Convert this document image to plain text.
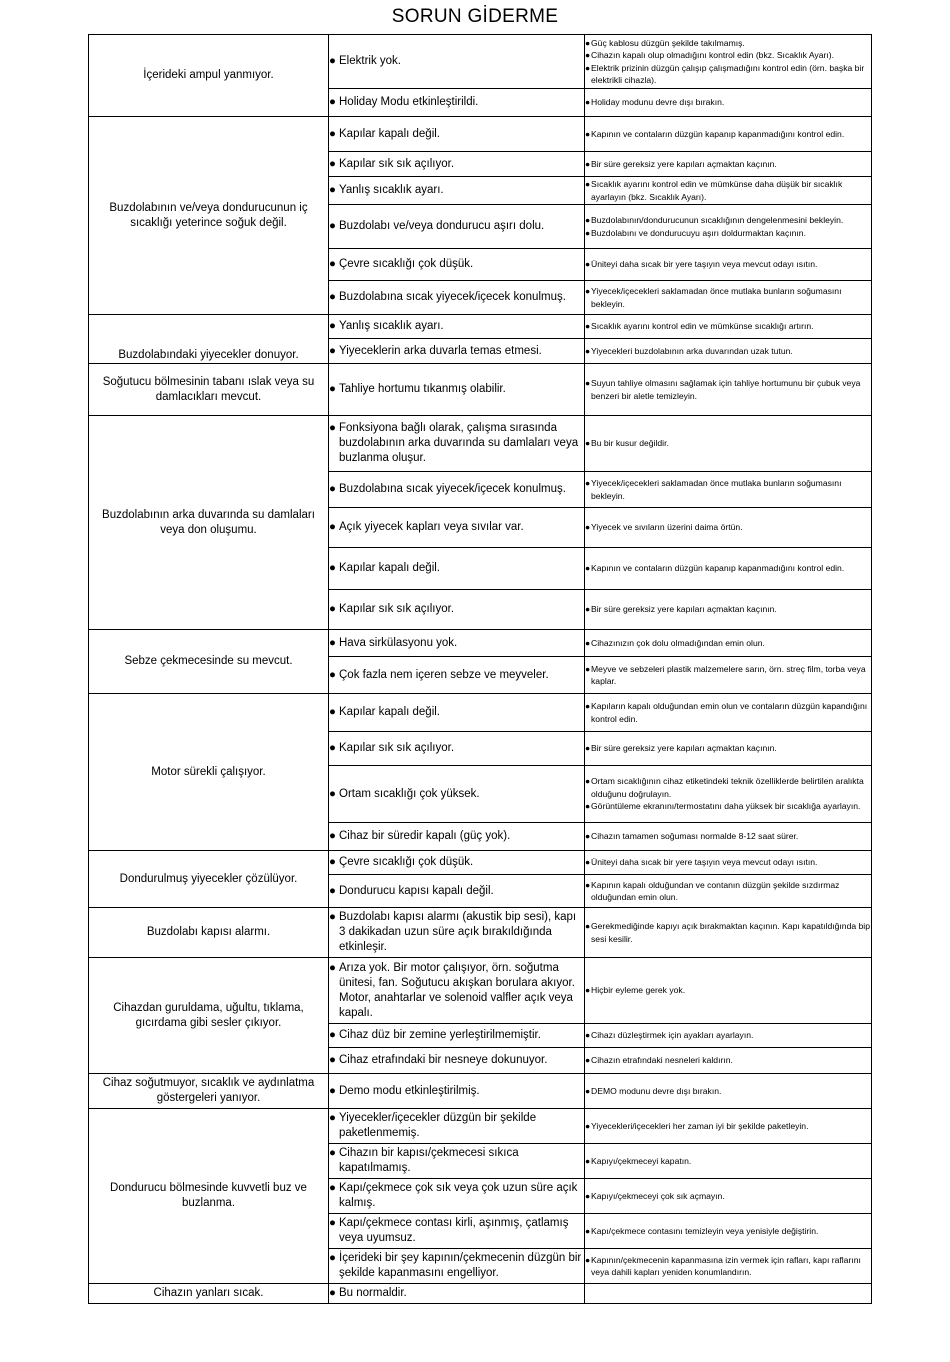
SORUN GİDERME
İçerideki ampul yanmıyor.	● Elektrik yok.	●Güç kablosu düzgün şekilde takılmamış.
●Cihazın kapalı olup olmadığını kontrol edin (bkz. Sıcaklık Ayarı).
●Elektrik prizinin düzgün çalışıp çalışmadığını kontrol edin (örn. başka bir elektrikli cihazla).

	● Holiday Modu etkinleştirildi.	●Holiday modunu devre dışı bırakın.

Buzdolabının ve/veya dondurucunun iç sıcaklığı yeterince soğuk değil.	● Kapılar kapalı değil.	●Kapının ve contaların düzgün kapanıp kapanmadığını kontrol edin.

	● Kapılar sık sık açılıyor.	●Bir süre gereksiz yere kapıları açmaktan kaçının.

	● Yanlış sıcaklık ayarı.	●Sıcaklık ayarını kontrol edin ve mümkünse daha düşük bir sıcaklık ayarlayın (bkz. Sıcaklık Ayarı).

	● Buzdolabı ve/veya dondurucu aşırı dolu.	●Buzdolabının/dondurucunun sıcaklığının dengelenmesini bekleyin.
●Buzdolabını ve dondurucuyu aşırı doldurmaktan kaçının.

	● Çevre sıcaklığı çok düşük.	●Üniteyi daha sıcak bir yere taşıyın veya mevcut odayı ısıtın.

	● Buzdolabına sıcak yiyecek/içecek konulmuş.	●Yiyecek/içecekleri saklamadan önce mutlaka bunların soğumasını bekleyin.

Buzdolabındaki yiyecekler donuyor.	● Yanlış sıcaklık ayarı.	●Sıcaklık ayarını kontrol edin ve mümkünse sıcaklığı artırın.

	● Yiyeceklerin arka duvarla temas etmesi.	●Yiyecekleri buzdolabının arka duvarından uzak tutun.

Soğutucu bölmesinin tabanı ıslak veya su damlacıkları mevcut.	● Tahliye hortumu tıkanmış olabilir.	●Suyun tahliye olmasını sağlamak için tahliye hortumunu bir çubuk veya benzeri bir aletle temizleyin.

Buzdolabının arka duvarında su damlaları veya don oluşumu.	● Fonksiyona bağlı olarak, çalışma sırasında buzdolabının arka duvarında su damlaları veya buzlanma oluşur.	●Bu bir kusur değildir.

	● Buzdolabına sıcak yiyecek/içecek konulmuş.	●Yiyecek/içecekleri saklamadan önce mutlaka bunların soğumasını bekleyin.

	● Açık yiyecek kapları veya sıvılar var.	●Yiyecek ve sıvıların üzerini daima örtün.

	● Kapılar kapalı değil.	●Kapının ve contaların düzgün kapanıp kapanmadığını kontrol edin.

	● Kapılar sık sık açılıyor.	●Bir süre gereksiz yere kapıları açmaktan kaçının.

Sebze çekmecesinde su mevcut.	● Hava sirkülasyonu yok.	●Cihazınızın çok dolu olmadığından emin olun.

	● Çok fazla nem içeren sebze ve meyveler.	●Meyve ve sebzeleri plastik malzemelere sarın, örn. streç film, torba veya kaplar.

Motor sürekli çalışıyor.	● Kapılar kapalı değil.	●Kapıların kapalı olduğundan emin olun ve contaların düzgün kapandığını kontrol edin.

	● Kapılar sık sık açılıyor.	●Bir süre gereksiz yere kapıları açmaktan kaçının.

	● Ortam sıcaklığı çok yüksek.	●Ortam sıcaklığının cihaz etiketindeki teknik özelliklerde belirtilen aralıkta olduğunu doğrulayın.
●Görüntüleme ekranını/termostatını daha yüksek bir sıcaklığa ayarlayın.

	● Cihaz bir süredir kapalı (güç yok).	●Cihazın tamamen soğuması normalde 8-12 saat sürer.

Dondurulmuş yiyecekler çözülüyor.	● Çevre sıcaklığı çok düşük.	●Üniteyi daha sıcak bir yere taşıyın veya mevcut odayı ısıtın.

	● Dondurucu kapısı kapalı değil.	●Kapının kapalı olduğundan ve contanın düzgün şekilde sızdırmaz olduğundan emin olun.

Buzdolabı kapısı alarmı.	● Buzdolabı kapısı alarmı (akustik bip sesi), kapı 3 dakikadan uzun süre açık bırakıldığında etkinleşir.	●Gerekmediğinde kapıyı açık bırakmaktan kaçının. Kapı kapatıldığında bip sesi kesilir.

Cihazdan guruldama, uğultu, tıklama, gıcırdama gibi sesler çıkıyor.	● Arıza yok. Bir motor çalışıyor, örn. soğutma ünitesi, fan. Soğutucu akışkan borulara akıyor. Motor, anahtarlar ve solenoid valfler açık veya kapalı.	●Hiçbir eyleme gerek yok.

	● Cihaz düz bir zemine yerleştirilmemiştir.	●Cihazı düzleştirmek için ayakları ayarlayın.

	● Cihaz etrafındaki bir nesneye dokunuyor.	●Cihazın etrafındaki nesneleri kaldırın.

Cihaz soğutmuyor, sıcaklık ve aydınlatma göstergeleri yanıyor.	● Demo modu etkinleştirilmiş.	●DEMO modunu devre dışı bırakın.

Dondurucu bölmesinde kuvvetli buz ve buzlanma.	● Yiyecekler/içecekler düzgün bir şekilde paketlenmemiş.	●Yiyecekleri/içecekleri her zaman iyi bir şekilde paketleyin.

	● Cihazın bir kapısı/çekmecesi sıkıca kapatılmamış.	●Kapıyı/çekmeceyi kapatın.

	● Kapı/çekmece çok sık veya çok uzun süre açık kalmış.	●Kapıyı/çekmeceyi çok sık açmayın.

	● Kapı/çekmece contası kirli, aşınmış, çatlamış veya uyumsuz.	●Kapı/çekmece contasını temizleyin veya yenisiyle değiştirin.

	● İçerideki bir şey kapının/çekmecenin düzgün bir şekilde kapanmasını engelliyor.	●Kapının/çekmecenin kapanmasına izin vermek için rafları, kapı raflarını veya dahili kapları yeniden konumlandırın.

Cihazın yanları sıcak.	● Bu normaldir.	
